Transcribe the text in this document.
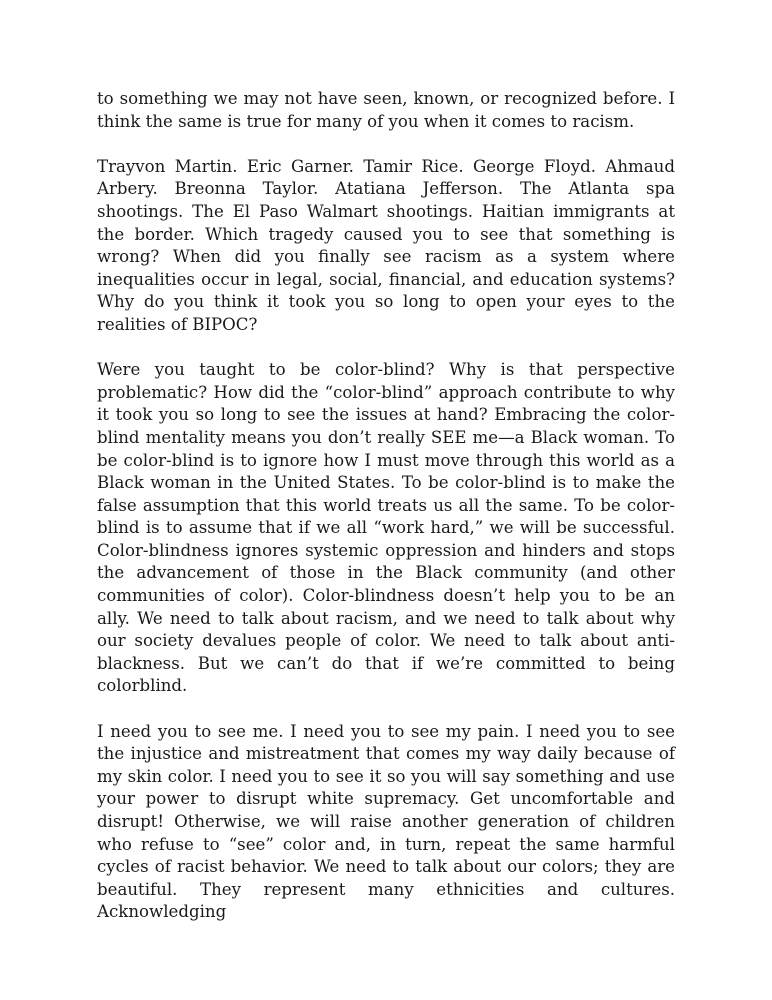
to something we may not have seen, known, or recognized before. I think the same is true for many of you when it comes to racism.

Trayvon Martin. Eric Garner. Tamir Rice. George Floyd. Ahmaud Arbery. Breonna Taylor. Atatiana Jefferson. The Atlanta spa shootings. The El Paso Walmart shootings. Haitian immigrants at the border. Which tragedy caused you to see that something is wrong? When did you finally see racism as a system where inequalities occur in legal, social, financial, and education systems? Why do you think it took you so long to open your eyes to the realities of BIPOC?

Were you taught to be color-blind? Why is that perspective problematic? How did the “color-blind” approach contribute to why it took you so long to see the issues at hand? Embracing the color-blind mentality means you don’t really SEE me—a Black woman. To be color-blind is to ignore how I must move through this world as a Black woman in the United States. To be color-blind is to make the false assumption that this world treats us all the same. To be color-blind is to assume that if we all “work hard,” we will be successful. Color-blindness ignores systemic oppression and hinders and stops the advancement of those in the Black community (and other communities of color). Color-blindness doesn’t help you to be an ally. We need to talk about racism, and we need to talk about why our society devalues people of color. We need to talk about anti-blackness. But we can’t do that if we’re committed to being colorblind.

I need you to see me. I need you to see my pain. I need you to see the injustice and mistreatment that comes my way daily because of my skin color. I need you to see it so you will say something and use your power to disrupt white supremacy. Get uncomfortable and disrupt! Otherwise, we will raise another generation of children who refuse to “see” color and, in turn, repeat the same harmful cycles of racist behavior. We need to talk about our colors; they are beautiful. They represent many ethnicities and cultures. Acknowledging
